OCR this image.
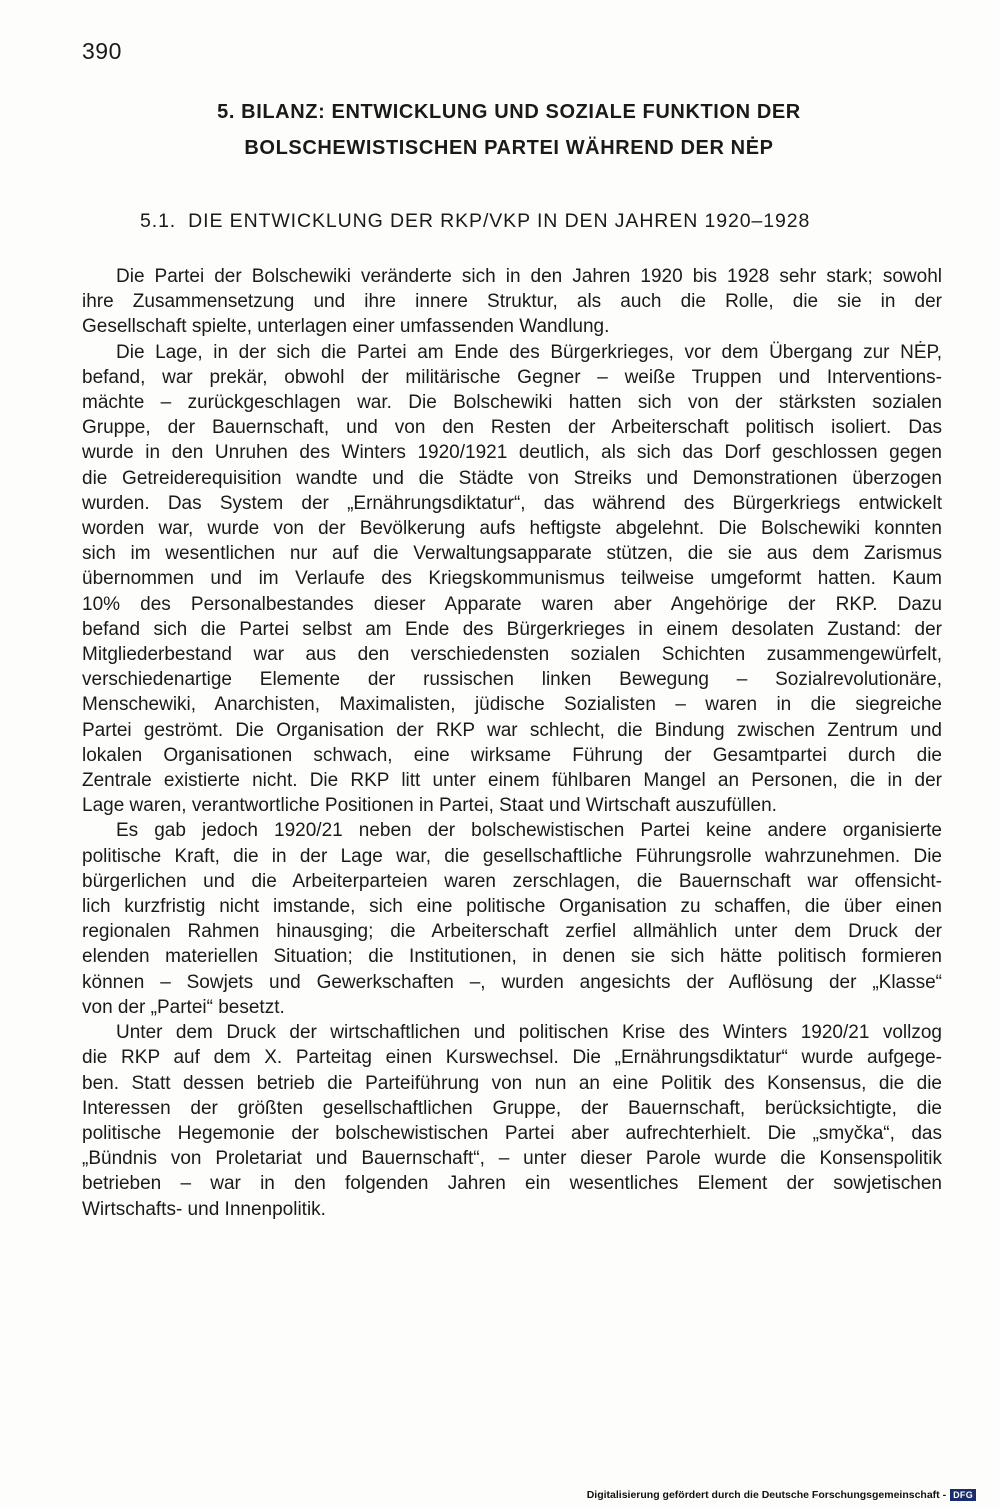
390
5. BILANZ: ENTWICKLUNG UND SOZIALE FUNKTION DER
BOLSCHEWISTISCHEN PARTEI WÄHREND DER NĖP
5.1. DIE ENTWICKLUNG DER RKP/VKP IN DEN JAHREN 1920–1928
Die Partei der Bolschewiki veränderte sich in den Jahren 1920 bis 1928 sehr stark; sowohl
ihre Zusammensetzung und ihre innere Struktur, als auch die Rolle, die sie in der
Gesellschaft spielte, unterlagen einer umfassenden Wandlung.
Die Lage, in der sich die Partei am Ende des Bürgerkrieges, vor dem Übergang zur NĖP,
befand, war prekär, obwohl der militärische Gegner – weiße Truppen und Interventions-
mächte – zurückgeschlagen war. Die Bolschewiki hatten sich von der stärksten sozialen
Gruppe, der Bauernschaft, und von den Resten der Arbeiterschaft politisch isoliert. Das
wurde in den Unruhen des Winters 1920/1921 deutlich, als sich das Dorf geschlossen gegen
die Getreiderequisition wandte und die Städte von Streiks und Demonstrationen überzogen
wurden. Das System der „Ernährungsdiktatur“, das während des Bürgerkriegs entwickelt
worden war, wurde von der Bevölkerung aufs heftigste abgelehnt. Die Bolschewiki konnten
sich im wesentlichen nur auf die Verwaltungsapparate stützen, die sie aus dem Zarismus
übernommen und im Verlaufe des Kriegskommunismus teilweise umgeformt hatten. Kaum
10% des Personalbestandes dieser Apparate waren aber Angehörige der RKP. Dazu
befand sich die Partei selbst am Ende des Bürgerkrieges in einem desolaten Zustand: der
Mitgliederbestand war aus den verschiedensten sozialen Schichten zusammengewürfelt,
verschiedenartige Elemente der russischen linken Bewegung – Sozialrevolutionäre,
Menschewiki, Anarchisten, Maximalisten, jüdische Sozialisten – waren in die siegreiche
Partei geströmt. Die Organisation der RKP war schlecht, die Bindung zwischen Zentrum und
lokalen Organisationen schwach, eine wirksame Führung der Gesamtpartei durch die
Zentrale existierte nicht. Die RKP litt unter einem fühlbaren Mangel an Personen, die in der
Lage waren, verantwortliche Positionen in Partei, Staat und Wirtschaft auszufüllen.
Es gab jedoch 1920/21 neben der bolschewistischen Partei keine andere organisierte
politische Kraft, die in der Lage war, die gesellschaftliche Führungsrolle wahrzunehmen. Die
bürgerlichen und die Arbeiterparteien waren zerschlagen, die Bauernschaft war offensicht-
lich kurzfristig nicht imstande, sich eine politische Organisation zu schaffen, die über einen
regionalen Rahmen hinausging; die Arbeiterschaft zerfiel allmählich unter dem Druck der
elenden materiellen Situation; die Institutionen, in denen sie sich hätte politisch formieren
können – Sowjets und Gewerkschaften –, wurden angesichts der Auflösung der „Klasse“
von der „Partei“ besetzt.
Unter dem Druck der wirtschaftlichen und politischen Krise des Winters 1920/21 vollzog
die RKP auf dem X. Parteitag einen Kurswechsel. Die „Ernährungsdiktatur“ wurde aufgege-
ben. Statt dessen betrieb die Parteiführung von nun an eine Politik des Konsensus, die die
Interessen der größten gesellschaftlichen Gruppe, der Bauernschaft, berücksichtigte, die
politische Hegemonie der bolschewistischen Partei aber aufrechterhielt. Die „smyčka“, das
„Bündnis von Proletariat und Bauernschaft“, – unter dieser Parole wurde die Konsenspolitik
betrieben – war in den folgenden Jahren ein wesentliches Element der sowjetischen
Wirtschafts- und Innenpolitik.
Digitalisierung gefördert durch die Deutsche Forschungsgemeinschaft - DFG
